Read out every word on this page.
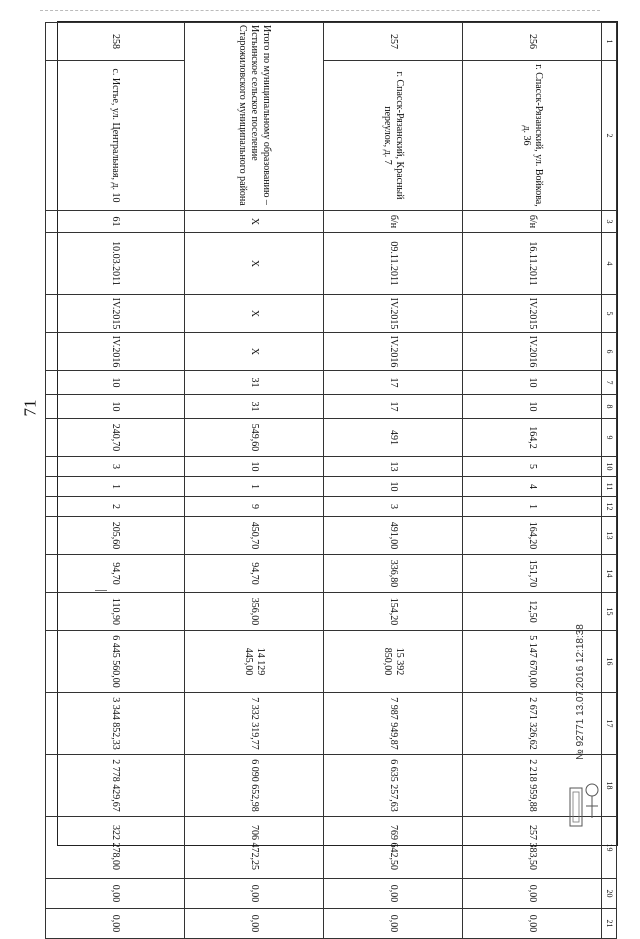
71
1	2	3	4	5	6	7	8	9	10	11	12	13	14	15	16	17	18	19	20	21
256	г. Спасск-Рязанский, ул. Войкова, д. 36	б/н	16.11.2011	IV.2015	IV.2016	10	10	164,2	5	4	1	164,20	151,70	12,50	5 147 670,00	2 671 326,62	2 218 959,88	257 383,50	0,00	0,00
257	г. Спасск-Рязанский, Красный переулок, д. 7	б/н	09.11.2011	IV.2015	IV.2016	17	17	491	13	10	3	491,00	336,80	154,20	15 392 850,00	7 987 949,87	6 635 257,63	769 642,50	0,00	0,00
Итого по муниципальному образованию – Истьинское сельское поселение Старожиловского муниципального района		X	X	X	X	31	31	549,60	10	1	9	450,70	94,70	356,00	14 129 445,00	7 332 319,77	6 090 652,98	706 472,25	0,00	0,00
258	с. Истье, ул. Центральная, д. 10	61	10.03.2011	IV.2015	IV.2016	10	10	240,70	3	1	2	205,60	94,70	110,90	6 445 560,00	3 344 852,33	2 778 429,67	322 278,00	0,00	0,00
№ 92771 13.07.2016 12:18:38
